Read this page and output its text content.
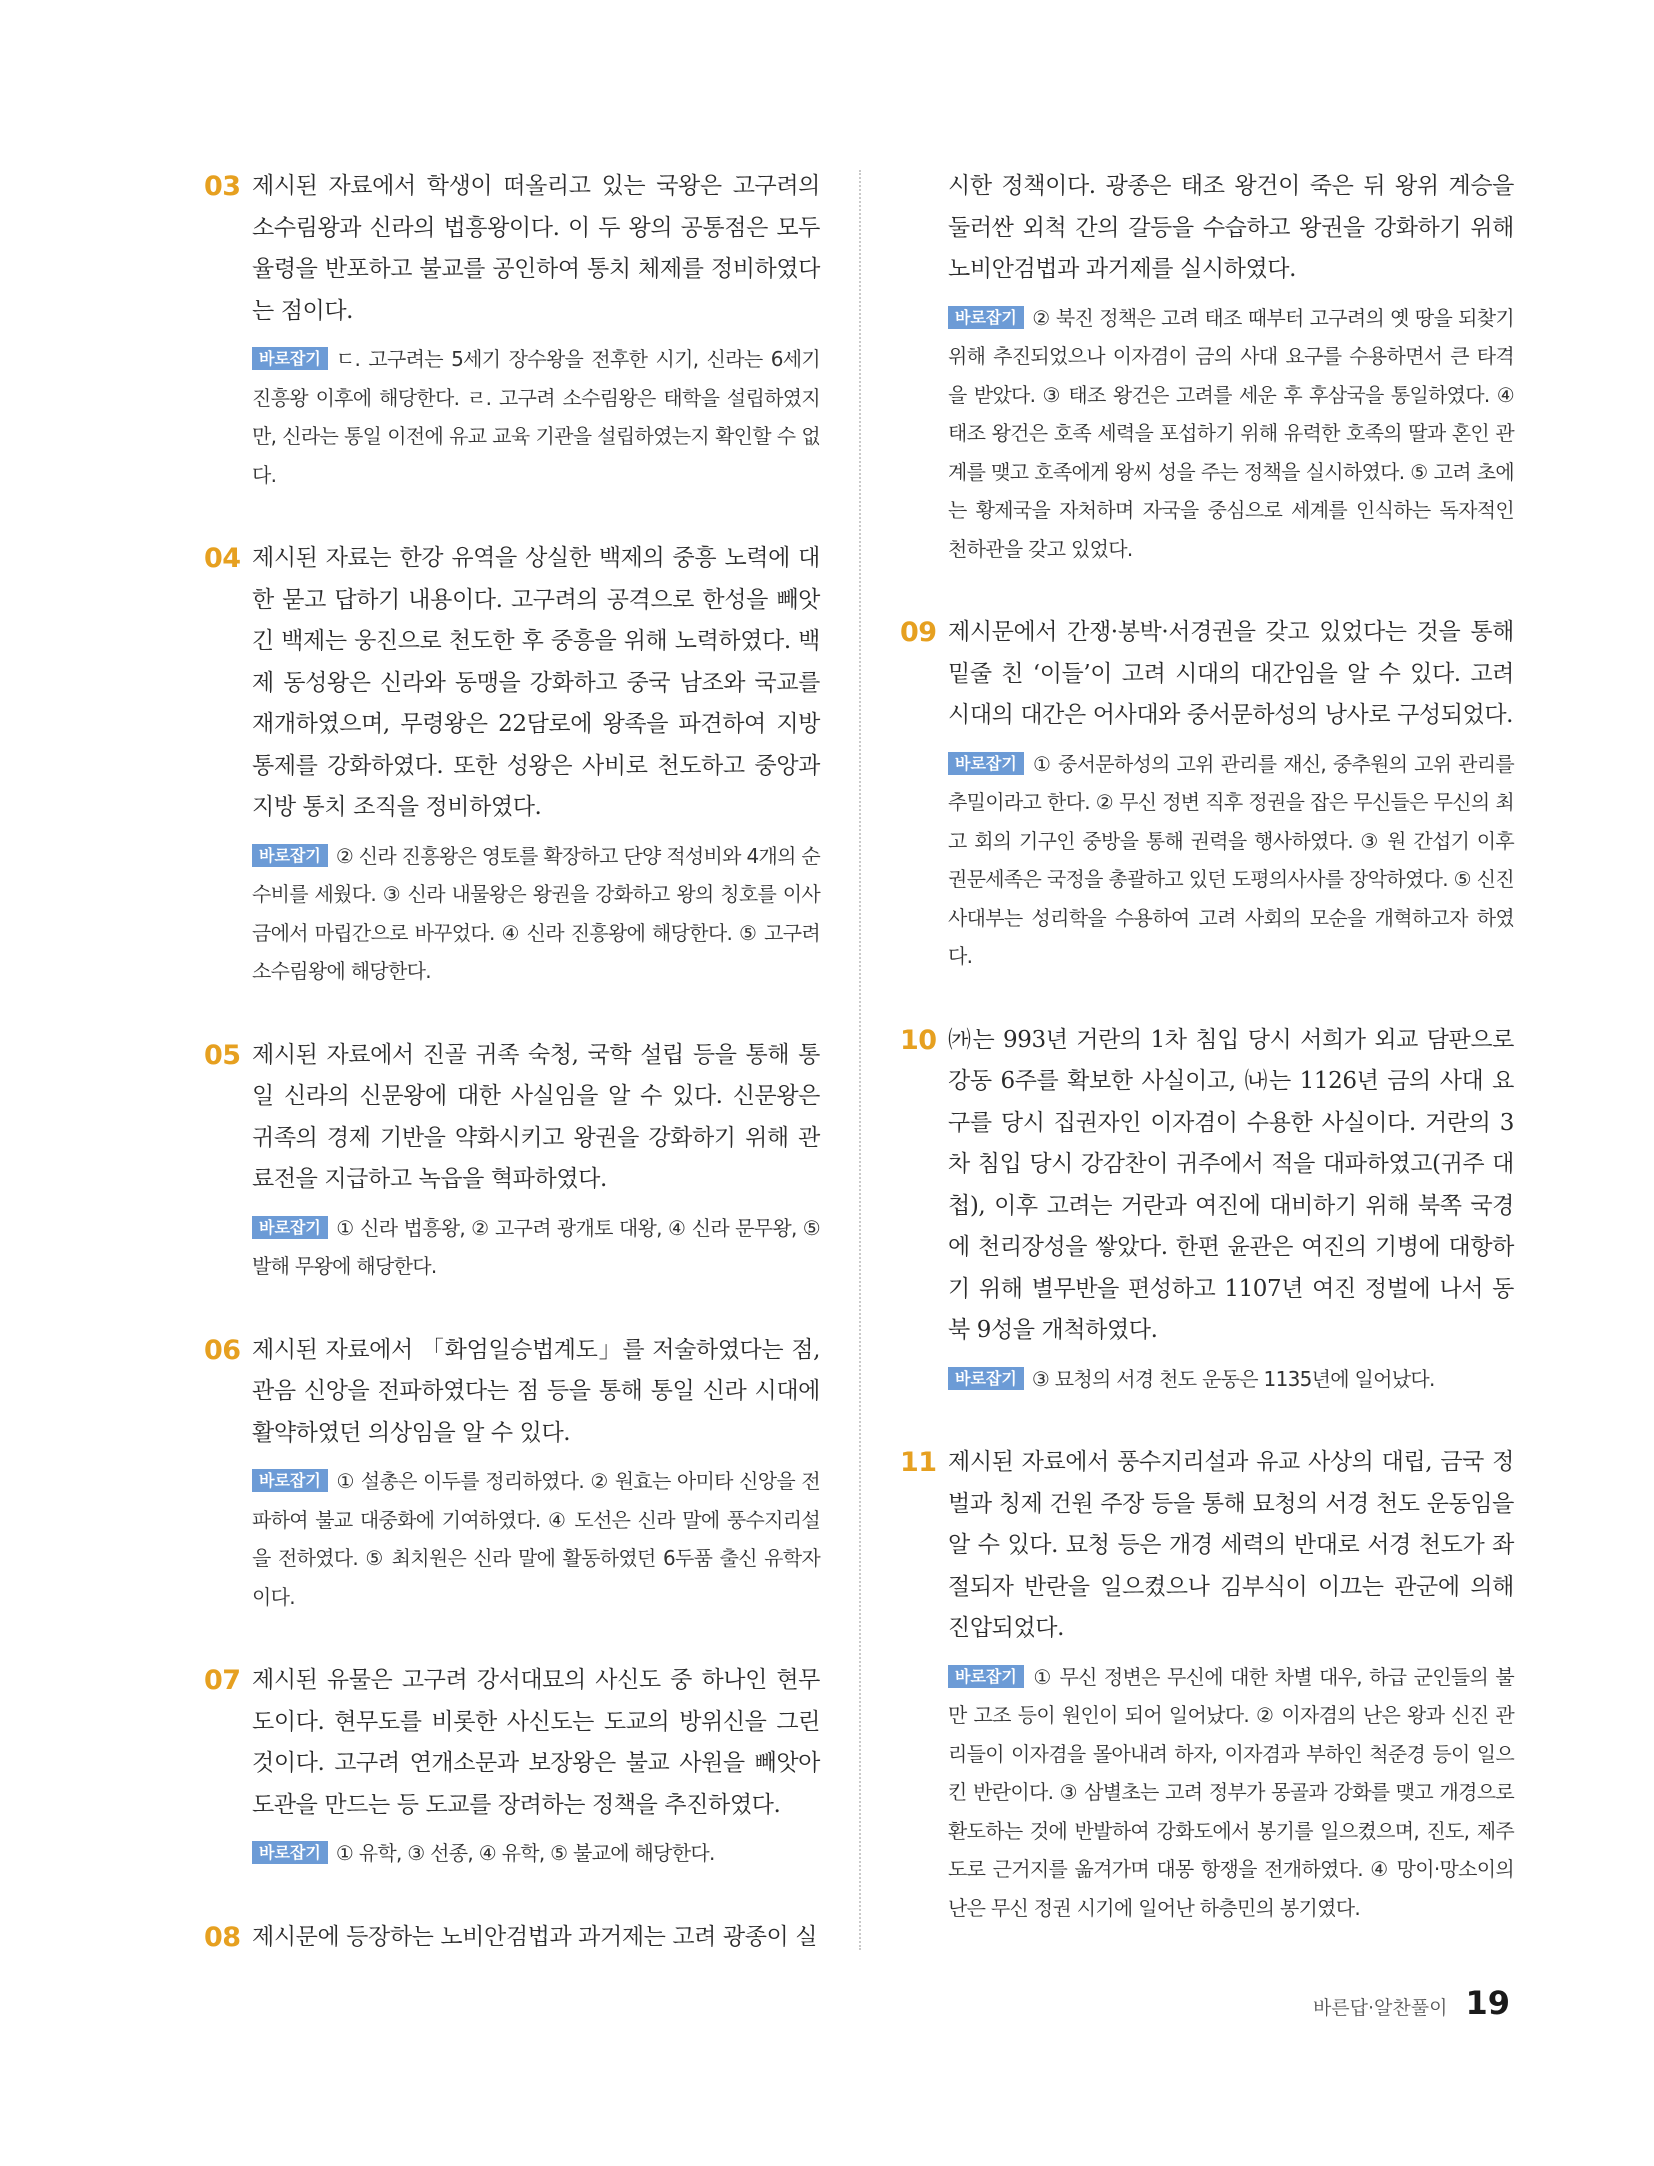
03 제시된 자료에서 학생이 떠올리고 있는 국왕은 고구려의 소수림왕과 신라의 법흥왕이다. 이 두 왕의 공통점은 모두 율령을 반포하고 불교를 공인하여 통치 체제를 정비하였다는 점이다.

바로잡기 ㄷ. 고구려는 5세기 장수왕을 전후한 시기, 신라는 6세기 진흥왕 이후에 해당한다. ㄹ. 고구려 소수림왕은 태학을 설립하였지만, 신라는 통일 이전에 유교 교육 기관을 설립하였는지 확인할 수 없다.

04 제시된 자료는 한강 유역을 상실한 백제의 중흥 노력에 대한 묻고 답하기 내용이다. 고구려의 공격으로 한성을 빼앗긴 백제는 웅진으로 천도한 후 중흥을 위해 노력하였다. 백제 동성왕은 신라와 동맹을 강화하고 중국 남조와 국교를 재개하였으며, 무령왕은 22담로에 왕족을 파견하여 지방 통제를 강화하였다. 또한 성왕은 사비로 천도하고 중앙과 지방 통치 조직을 정비하였다.

바로잡기 ② 신라 진흥왕은 영토를 확장하고 단양 적성비와 4개의 순수비를 세웠다. ③ 신라 내물왕은 왕권을 강화하고 왕의 칭호를 이사금에서 마립간으로 바꾸었다. ④ 신라 진흥왕에 해당한다. ⑤ 고구려 소수림왕에 해당한다.

05 제시된 자료에서 진골 귀족 숙청, 국학 설립 등을 통해 통일 신라의 신문왕에 대한 사실임을 알 수 있다. 신문왕은 귀족의 경제 기반을 약화시키고 왕권을 강화하기 위해 관료전을 지급하고 녹읍을 혁파하였다.

바로잡기 ① 신라 법흥왕, ② 고구려 광개토 대왕, ④ 신라 문무왕, ⑤ 발해 무왕에 해당한다.

06 제시된 자료에서 「화엄일승법계도」를 저술하였다는 점, 관음 신앙을 전파하였다는 점 등을 통해 통일 신라 시대에 활약하였던 의상임을 알 수 있다.

바로잡기 ① 설총은 이두를 정리하였다. ② 원효는 아미타 신앙을 전파하여 불교 대중화에 기여하였다. ④ 도선은 신라 말에 풍수지리설을 전하였다. ⑤ 최치원은 신라 말에 활동하였던 6두품 출신 유학자이다.

07 제시된 유물은 고구려 강서대묘의 사신도 중 하나인 현무도이다. 현무도를 비롯한 사신도는 도교의 방위신을 그린 것이다. 고구려 연개소문과 보장왕은 불교 사원을 빼앗아 도관을 만드는 등 도교를 장려하는 정책을 추진하였다.

바로잡기 ① 유학, ③ 선종, ④ 유학, ⑤ 불교에 해당한다.

08 제시문에 등장하는 노비안검법과 과거제는 고려 광종이 실

시한 정책이다. 광종은 태조 왕건이 죽은 뒤 왕위 계승을 둘러싼 외척 간의 갈등을 수습하고 왕권을 강화하기 위해 노비안검법과 과거제를 실시하였다.

바로잡기 ② 북진 정책은 고려 태조 때부터 고구려의 옛 땅을 되찾기 위해 추진되었으나 이자겸이 금의 사대 요구를 수용하면서 큰 타격을 받았다. ③ 태조 왕건은 고려를 세운 후 후삼국을 통일하였다. ④ 태조 왕건은 호족 세력을 포섭하기 위해 유력한 호족의 딸과 혼인 관계를 맺고 호족에게 왕씨 성을 주는 정책을 실시하였다. ⑤ 고려 초에는 황제국을 자처하며 자국을 중심으로 세계를 인식하는 독자적인 천하관을 갖고 있었다.

09 제시문에서 간쟁·봉박·서경권을 갖고 있었다는 것을 통해 밑줄 친 ‘이들’이 고려 시대의 대간임을 알 수 있다. 고려 시대의 대간은 어사대와 중서문하성의 낭사로 구성되었다.

바로잡기 ① 중서문하성의 고위 관리를 재신, 중추원의 고위 관리를 추밀이라고 한다. ② 무신 정변 직후 정권을 잡은 무신들은 무신의 최고 회의 기구인 중방을 통해 권력을 행사하였다. ③ 원 간섭기 이후 권문세족은 국정을 총괄하고 있던 도평의사사를 장악하였다. ⑤ 신진 사대부는 성리학을 수용하여 고려 사회의 모순을 개혁하고자 하였다.

10 ㈎는 993년 거란의 1차 침입 당시 서희가 외교 담판으로 강동 6주를 확보한 사실이고, ㈏는 1126년 금의 사대 요구를 당시 집권자인 이자겸이 수용한 사실이다. 거란의 3차 침입 당시 강감찬이 귀주에서 적을 대파하였고(귀주 대첩), 이후 고려는 거란과 여진에 대비하기 위해 북쪽 국경에 천리장성을 쌓았다. 한편 윤관은 여진의 기병에 대항하기 위해 별무반을 편성하고 1107년 여진 정벌에 나서 동북 9성을 개척하였다.

바로잡기 ③ 묘청의 서경 천도 운동은 1135년에 일어났다.

11 제시된 자료에서 풍수지리설과 유교 사상의 대립, 금국 정벌과 칭제 건원 주장 등을 통해 묘청의 서경 천도 운동임을 알 수 있다. 묘청 등은 개경 세력의 반대로 서경 천도가 좌절되자 반란을 일으켰으나 김부식이 이끄는 관군에 의해 진압되었다.

바로잡기 ① 무신 정변은 무신에 대한 차별 대우, 하급 군인들의 불만 고조 등이 원인이 되어 일어났다. ② 이자겸의 난은 왕과 신진 관리들이 이자겸을 몰아내려 하자, 이자겸과 부하인 척준경 등이 일으킨 반란이다. ③ 삼별초는 고려 정부가 몽골과 강화를 맺고 개경으로 환도하는 것에 반발하여 강화도에서 봉기를 일으켰으며, 진도, 제주도로 근거지를 옮겨가며 대몽 항쟁을 전개하였다. ④ 망이·망소이의 난은 무신 정권 시기에 일어난 하층민의 봉기였다.

바른답·알찬풀이 19
